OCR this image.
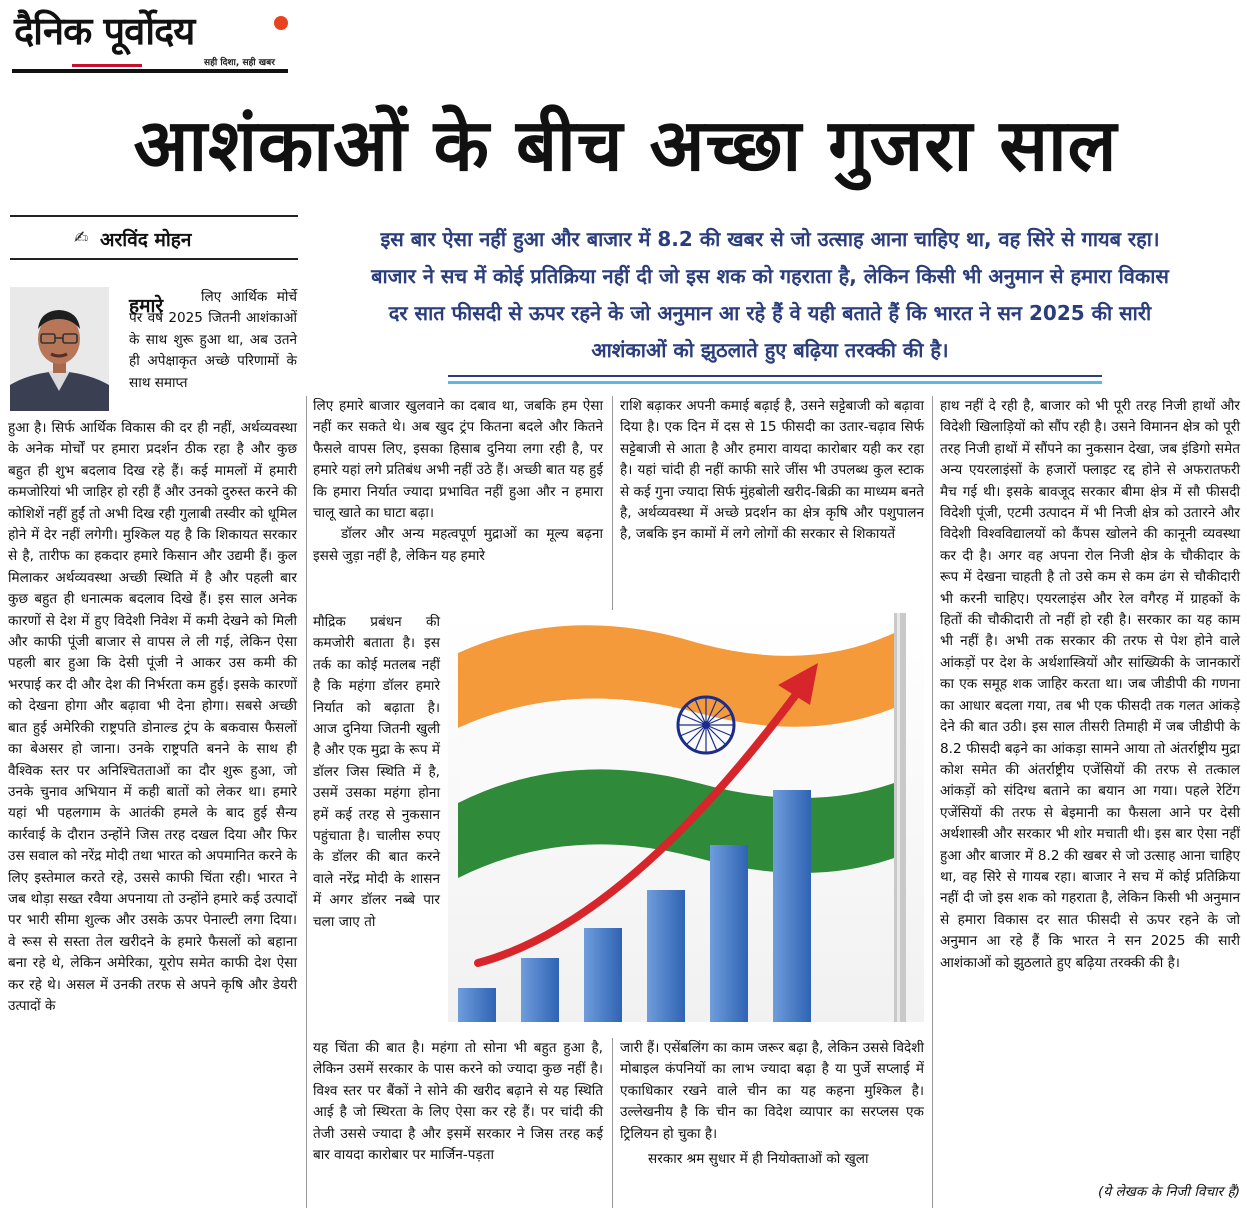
दैनिक पूर्वोदय
सही दिशा, सही खबर
आशंकाओं के बीच अच्छा गुजरा साल
✍ अरविंद मोहन	इस बार ऐसा नहीं हुआ और बाजार में 8.2 की खबर से जो उत्साह आना चाहिए था, वह सिरे से गायब रहा। बाजार ने सच में कोई प्रतिक्रिया नहीं दी जो इस शक को गहराता है, लेकिन किसी भी अनुमान से हमारा विकास दर सात फीसदी से ऊपर रहने के जो अनुमान आ रहे हैं वे यही बताते हैं कि भारत ने सन 2025 की सारी आशंकाओं को झुठलाते हुए बढ़िया तरक्की की है।
हमारे	लिए आर्थिक मोर्चे पर वर्ष 2025 जितनी आशंकाओं के साथ शुरू हुआ था, अब उतने ही अपेक्षाकृत अच्छे परिणामों के साथ समाप्त

हुआ है। सिर्फ आर्थिक विकास की दर ही नहीं, अर्थव्यवस्था के अनेक मोर्चों पर हमारा प्रदर्शन ठीक रहा है और कुछ बहुत ही शुभ बदलाव दिख रहे हैं। कई मामलों में हमारी कमजोरियां भी जाहिर हो रही हैं और उनको दुरुस्त करने की कोशिशें नहीं हुईं तो अभी दिख रही गुलाबी तस्वीर को धूमिल होने में देर नहीं लगेगी। मुश्किल यह है कि शिकायत सरकार से है, तारीफ का हकदार हमारे किसान और उद्यमी हैं। कुल मिलाकर अर्थव्यवस्था अच्छी स्थिति में है और पहली बार कुछ बहुत ही धनात्मक बदलाव दिखे हैं। इस साल अनेक कारणों से देश में हुए विदेशी निवेश में कमी देखने को मिली और काफी पूंजी बाजार से वापस ले ली गई, लेकिन ऐसा पहली बार हुआ कि देसी पूंजी ने आकर उस कमी की भरपाई कर दी और देश की निर्भरता कम हुई। इसके कारणों को देखना होगा और बढ़ावा भी देना होगा। सबसे अच्छी बात हुई अमेरिकी राष्ट्रपति डोनाल्ड ट्रंप के बकवास फैसलों का बेअसर हो जाना। उनके राष्ट्रपति बनने के साथ ही वैश्विक स्तर पर अनिश्चितताओं का दौर शुरू हुआ, जो उनके चुनाव अभियान में कही बातों को लेकर था। हमारे यहां भी पहलगाम के आतंकी हमले के बाद हुई सैन्य कार्रवाई के दौरान उन्होंने जिस तरह दखल दिया और फिर उस सवाल को नरेंद्र मोदी तथा भारत को अपमानित करने के लिए इस्तेमाल करते रहे, उससे काफी चिंता रही। भारत ने जब थोड़ा सख्त रवैया अपनाया तो उन्होंने हमारे कई उत्पादों पर भारी सीमा शुल्क और उसके ऊपर पेनाल्टी लगा दिया। वे रूस से सस्ता तेल खरीदने के हमारे फैसलों को बहाना बना रहे थे, लेकिन अमेरिका, यूरोप समेत काफी देश ऐसा कर रहे थे। असल में उनकी तरफ से अपने कृषि और डेयरी उत्पादों के

लिए हमारे बाजार खुलवाने का दबाव था, जबकि हम ऐसा नहीं कर सकते थे। अब खुद ट्रंप कितना बदले और कितने फैसले वापस लिए, इसका हिसाब दुनिया लगा रही है, पर हमारे यहां लगे प्रतिबंध अभी नहीं उठे हैं। अच्छी बात यह हुई कि हमारा निर्यात ज्यादा प्रभावित नहीं हुआ और न हमारा चालू खाते का घाटा बढ़ा।

डॉलर और अन्य महत्वपूर्ण मुद्राओं का मूल्य बढ़ना इससे जुड़ा नहीं है, लेकिन यह हमारे

मौद्रिक प्रबंधन की कमजोरी बताता है। इस तर्क का कोई मतलब नहीं है कि महंगा डॉलर हमारे निर्यात को बढ़ाता है। आज दुनिया जितनी खुली है और एक मुद्रा के रूप में डॉलर जिस स्थिति में है, उसमें उसका महंगा होना हमें कई तरह से नुकसान पहुंचाता है। चालीस रुपए के डॉलर की बात करने वाले नरेंद्र मोदी के शासन में अगर डॉलर नब्बे पार चला जाए तो

यह चिंता की बात है। महंगा तो सोना भी बहुत हुआ है, लेकिन उसमें सरकार के पास करने को ज्यादा कुछ नहीं है। विश्व स्तर पर बैंकों ने सोने की खरीद बढ़ाने से यह स्थिति आई है जो स्थिरता के लिए ऐसा कर रहे हैं। पर चांदी की तेजी उससे ज्यादा है और इसमें सरकार ने जिस तरह कई बार वायदा कारोबार पर मार्जिन-पड़ता

राशि बढ़ाकर अपनी कमाई बढ़ाई है, उसने सट्टेबाजी को बढ़ावा दिया है। एक दिन में दस से 15 फीसदी का उतार-चढ़ाव सिर्फ सट्टेबाजी से आता है और हमारा वायदा कारोबार यही कर रहा है। यहां चांदी ही नहीं काफी सारे जींस भी उपलब्ध कुल स्टाक से कई गुना ज्यादा सिर्फ मुंहबोली खरीद-बिक्री का माध्यम बनते है, अर्थव्यवस्था में अच्छे प्रदर्शन का क्षेत्र कृषि और पशुपालन है, जबकि इन कामों में लगे लोगों की सरकार से शिकायतें

जारी हैं। एसेंबलिंग का काम जरूर बढ़ा है, लेकिन उससे विदेशी मोबाइल कंपनियों का लाभ ज्यादा बढ़ा है या पुर्जे सप्लाई में एकाधिकार रखने वाले चीन का यह कहना मुश्किल है। उल्लेखनीय है कि चीन का विदेश व्यापार का सरप्लस एक ट्रिलियन हो चुका है।

सरकार श्रम सुधार में ही नियोक्ताओं को खुला

हाथ नहीं दे रही है, बाजार को भी पूरी तरह निजी हाथों और विदेशी खिलाड़ियों को सौंप रही है। उसने विमानन क्षेत्र को पूरी तरह निजी हाथों में सौंपने का नुकसान देखा, जब इंडिगो समेत अन्य एयरलाइंसों के हजारों फ्लाइट रद्द होने से अफरातफरी मैच गई थी। इसके बावजूद सरकार बीमा क्षेत्र में सौ फीसदी विदेशी पूंजी, एटमी उत्पादन में भी निजी क्षेत्र को उतारने और विदेशी विश्वविद्यालयों को कैंपस खोलने की कानूनी व्यवस्था कर दी है। अगर वह अपना रोल निजी क्षेत्र के चौकीदार के रूप में देखना चाहती है तो उसे कम से कम ढंग से चौकीदारी भी करनी चाहिए। एयरलाइंस और रेल वगैरह में ग्राहकों के हितों की चौकीदारी तो नहीं हो रही है। सरकार का यह काम भी नहीं है। अभी तक सरकार की तरफ से पेश होने वाले आंकड़ों पर देश के अर्थशास्त्रियों और सांख्यिकी के जानकारों का एक समूह शक जाहिर करता था। जब जीडीपी की गणना का आधार बदला गया, तब भी एक फीसदी तक गलत आंकड़े देने की बात उठी। इस साल तीसरी तिमाही में जब जीडीपी के 8.2 फीसदी बढ़ने का आंकड़ा सामने आया तो अंतर्राष्ट्रीय मुद्रा कोश समेत की अंतर्राष्ट्रीय एजेंसियों की तरफ से तत्काल आंकड़ों को संदिग्ध बताने का बयान आ गया। पहले रेटिंग एजेंसियों की तरफ से बेइमानी का फैसला आने पर देसी अर्थशास्त्री और सरकार भी शोर मचाती थी। इस बार ऐसा नहीं हुआ और बाजार में 8.2 की खबर से जो उत्साह आना चाहिए था, वह सिरे से गायब रहा। बाजार ने सच में कोई प्रतिक्रिया नहीं दी जो इस शक को गहराता है, लेकिन किसी भी अनुमान से हमारा विकास दर सात फीसदी से ऊपर रहने के जो अनुमान आ रहे हैं कि भारत ने सन 2025 की सारी आशंकाओं को झुठलाते हुए बढ़िया तरक्की की है।

(ये लेखक के निजी विचार हैं)
